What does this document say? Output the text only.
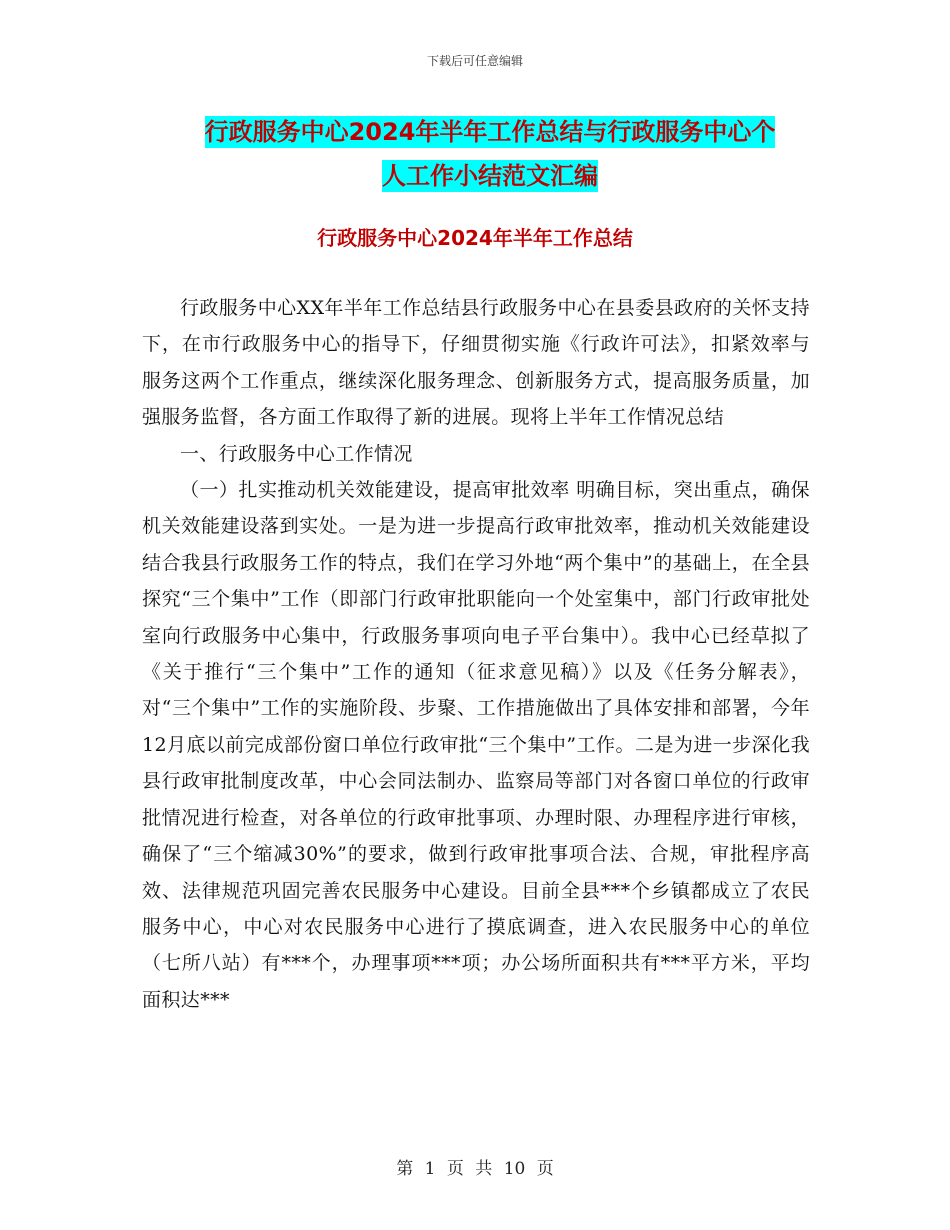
下载后可任意编辑
行政服务中心2024年半年工作总结与行政服务中心个
人工作小结范文汇编
行政服务中心2024年半年工作总结

行政服务中心XX年半年工作总结县行政服务中心在县委县政府的关怀支持下，在市行政服务中心的指导下，仔细贯彻实施《行政许可法》，扣紧效率与服务这两个工作重点，继续深化服务理念、创新服务方式，提高服务质量，加强服务监督，各方面工作取得了新的进展。现将上半年工作情况总结

一、行政服务中心工作情况

（一）扎实推动机关效能建设，提高审批效率 明确目标，突出重点，确保机关效能建设落到实处。一是为进一步提高行政审批效率，推动机关效能建设结合我县行政服务工作的特点，我们在学习外地“两个集中”的基础上，在全县探究“三个集中”工作（即部门行政审批职能向一个处室集中，部门行政审批处室向行政服务中心集中，行政服务事项向电子平台集中）。我中心已经草拟了《关于推行“三个集中”工作的通知（征求意见稿）》以及《任务分解表》，对“三个集中”工作的实施阶段、步聚、工作措施做出了具体安排和部署，今年12月底以前完成部份窗口单位行政审批“三个集中”工作。二是为进一步深化我县行政审批制度改革，中心会同法制办、监察局等部门对各窗口单位的行政审批情况进行检查，对各单位的行政审批事项、办理时限、办理程序进行审核，确保了“三个缩减30%”的要求，做到行政审批事项合法、合规，审批程序高效、法律规范巩固完善农民服务中心建设。目前全县***个乡镇都成立了农民服务中心，中心对农民服务中心进行了摸底调查，进入农民服务中心的单位（七所八站）有***个，办理事项***项；办公场所面积共有***平方米，平均面积达***

第 1 页 共 10 页
